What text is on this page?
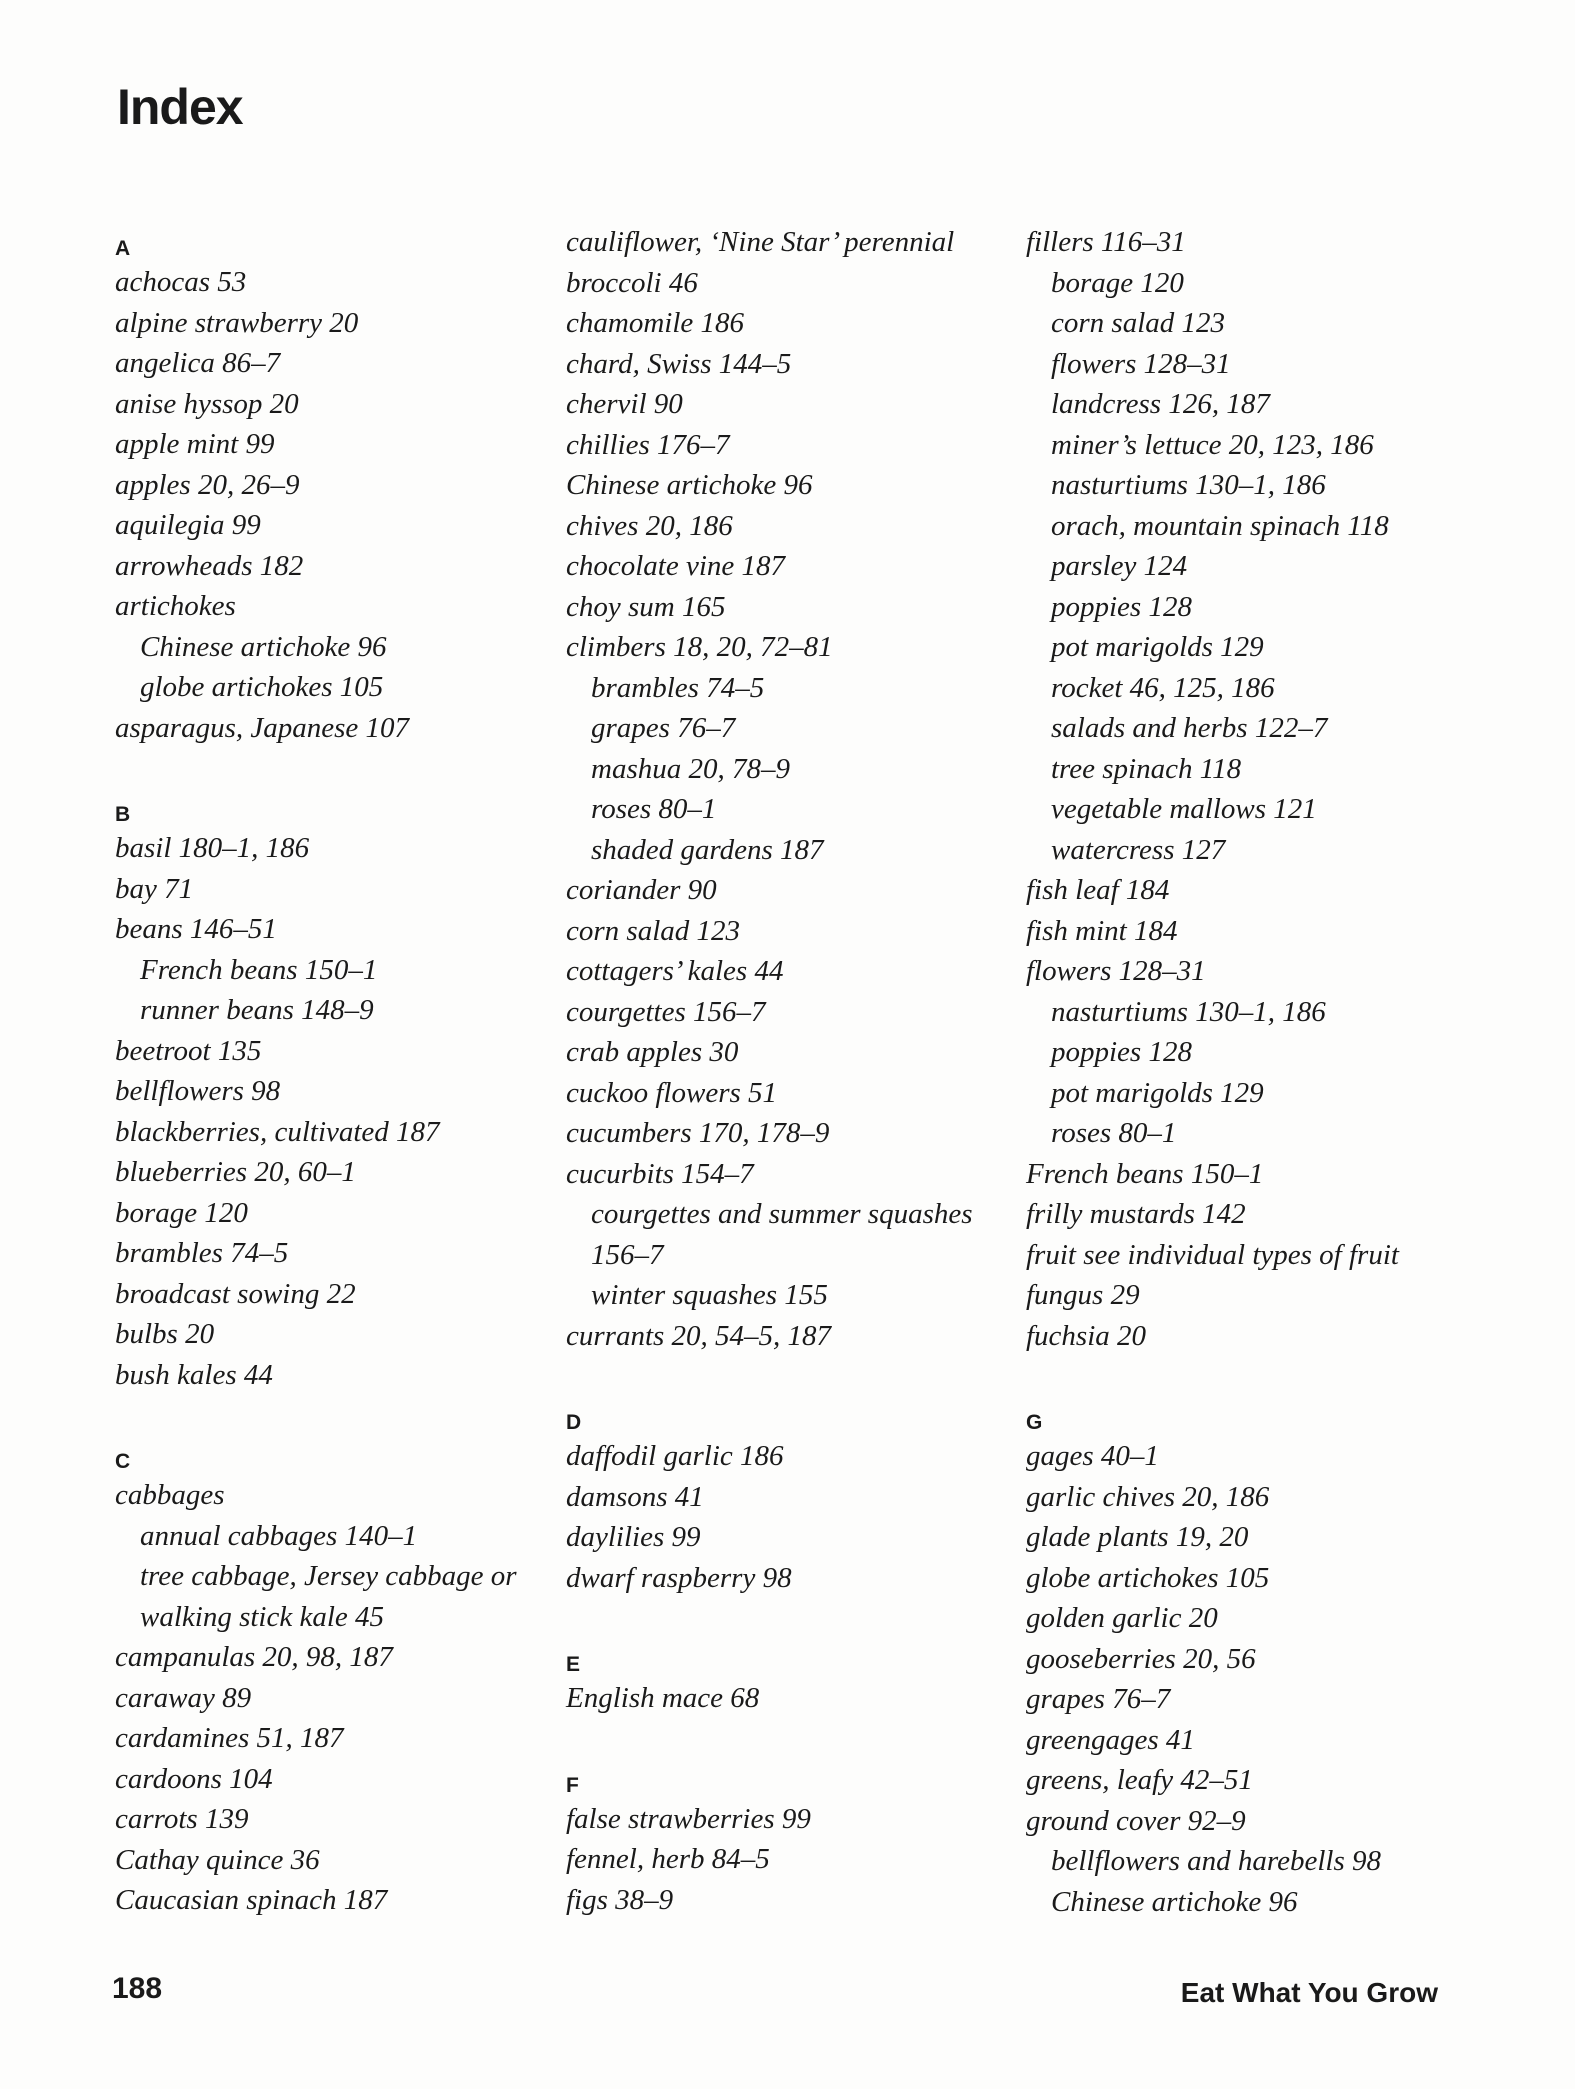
Index
A
achocas 53
alpine strawberry 20
angelica 86–7
anise hyssop 20
apple mint 99
apples 20, 26–9
aquilegia 99
arrowheads 182
artichokes
Chinese artichoke 96
globe artichokes 105
asparagus, Japanese 107
B
basil 180–1, 186
bay 71
beans 146–51
French beans 150–1
runner beans 148–9
beetroot 135
bellflowers 98
blackberries, cultivated 187
blueberries 20, 60–1
borage 120
brambles 74–5
broadcast sowing 22
bulbs 20
bush kales 44
C
cabbages
annual cabbages 140–1
tree cabbage, Jersey cabbage or
walking stick kale 45
campanulas 20, 98, 187
caraway 89
cardamines 51, 187
cardoons 104
carrots 139
Cathay quince 36
Caucasian spinach 187
cauliflower, ‘Nine Star’ perennial
broccoli 46
chamomile 186
chard, Swiss 144–5
chervil 90
chillies 176–7
Chinese artichoke 96
chives 20, 186
chocolate vine 187
choy sum 165
climbers 18, 20, 72–81
brambles 74–5
grapes 76–7
mashua 20, 78–9
roses 80–1
shaded gardens 187
coriander 90
corn salad 123
cottagers’ kales 44
courgettes 156–7
crab apples 30
cuckoo flowers 51
cucumbers 170, 178–9
cucurbits 154–7
courgettes and summer squashes
156–7
winter squashes 155
currants 20, 54–5, 187
D
daffodil garlic 186
damsons 41
daylilies 99
dwarf raspberry 98
E
English mace 68
F
false strawberries 99
fennel, herb 84–5
figs 38–9
fillers 116–31
borage 120
corn salad 123
flowers 128–31
landcress 126, 187
miner’s lettuce 20, 123, 186
nasturtiums 130–1, 186
orach, mountain spinach 118
parsley 124
poppies 128
pot marigolds 129
rocket 46, 125, 186
salads and herbs 122–7
tree spinach 118
vegetable mallows 121
watercress 127
fish leaf 184
fish mint 184
flowers 128–31
nasturtiums 130–1, 186
poppies 128
pot marigolds 129
roses 80–1
French beans 150–1
frilly mustards 142
fruit see individual types of fruit
fungus 29
fuchsia 20
G
gages 40–1
garlic chives 20, 186
glade plants 19, 20
globe artichokes 105
golden garlic 20
gooseberries 20, 56
grapes 76–7
greengages 41
greens, leafy 42–51
ground cover 92–9
bellflowers and harebells 98
Chinese artichoke 96
188	Eat What You Grow
